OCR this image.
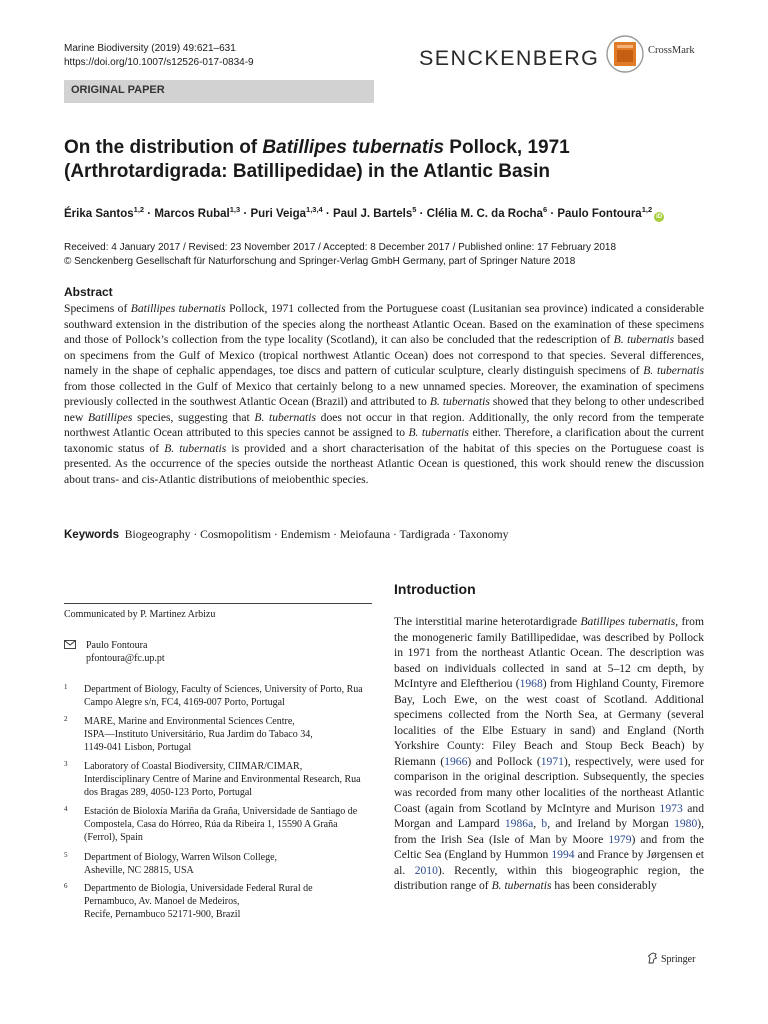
Marine Biodiversity (2019) 49:621–631
https://doi.org/10.1007/s12526-017-0834-9	SENCKENBERG	CrossMark
ORIGINAL PAPER
On the distribution of Batillipes tubernatis Pollock, 1971
(Arthrotardigrada: Batillipedidae) in the Atlantic Basin
Érika Santos$^{1,2}$ · Marcos Rubal$^{1,3}$ · Puri Veiga$^{1,3,4}$ · Paul J. Bartels$^5$ · Clélia M. C. da Rocha$^6$ · Paulo Fontoura$^{1,2}$iD
Received: 4 January 2017 / Revised: 23 November 2017 / Accepted: 8 December 2017 / Published online: 17 February 2018
© Senckenberg Gesellschaft für Naturforschung and Springer-Verlag GmbH Germany, part of Springer Nature 2018
Abstract
Specimens of Batillipes tubernatis Pollock, 1971 collected from the Portuguese coast (Lusitanian sea province) indicated a considerable southward extension in the distribution of the species along the northeast Atlantic Ocean. Based on the examination of these specimens and those of Pollock’s collection from the type locality (Scotland), it can also be concluded that the redescription of B. tubernatis based on specimens from the Gulf of Mexico (tropical northwest Atlantic Ocean) does not correspond to that species. Several differences, namely in the shape of cephalic appendages, toe discs and pattern of cuticular sculpture, clearly distinguish specimens of B. tubernatis from those collected in the Gulf of Mexico that certainly belong to a new unnamed species. Moreover, the examination of specimens previously collected in the southwest Atlantic Ocean (Brazil) and attributed to B. tubernatis showed that they belong to other undescribed new Batillipes species, suggesting that B. tubernatis does not occur in that region. Additionally, the only record from the temperate northwest Atlantic Ocean attributed to this species cannot be assigned to B. tubernatis either. Therefore, a clarification about the current taxonomic status of B. tubernatis is provided and a short characterisation of the habitat of this species on the Portuguese coast is presented. As the occurrence of the species outside the northeast Atlantic Ocean is questioned, this work should renew the discussion about trans- and cis-Atlantic distributions of meiobenthic species.
Keywords Biogeography · Cosmopolitism · Endemism · Meiofauna · Tardigrada · Taxonomy
Communicated by P. Martinez Arbizu
Paulo Fontoura
pfontoura@fc.up.pt
1 Department of Biology, Faculty of Sciences, University of Porto, Rua
Campo Alegre s/n, FC4, 4169-007 Porto, Portugal
2 MARE, Marine and Environmental Sciences Centre,
ISPA—Instituto Universitário, Rua Jardim do Tabaco 34,
1149-041 Lisbon, Portugal
3 Laboratory of Coastal Biodiversity, CIIMAR/CIMAR,
Interdisciplinary Centre of Marine and Environmental Research, Rua
dos Bragas 289, 4050-123 Porto, Portugal
4 Estación de Bioloxía Mariña da Graña, Universidade de Santiago de
Compostela, Casa do Hórreo, Rúa da Ribeira 1, 15590 A Graña
(Ferrol), Spain
5 Department of Biology, Warren Wilson College,
Asheville, NC 28815, USA
6 Departmento de Biologia, Universidade Federal Rural de
Pernambuco, Av. Manoel de Medeiros,
Recife, Pernambuco 52171-900, Brazil
Introduction
The interstitial marine heterotardigrade Batillipes tubernatis, from the monogeneric family Batillipedidae, was described by Pollock in 1971 from the northeast Atlantic Ocean. The description was based on individuals collected in sand at 5–12 cm depth, by McIntyre and Eleftheriou (1968) from Highland County, Firemore Bay, Loch Ewe, on the west coast of Scotland. Additional specimens collected from the North Sea, at Germany (several localities of the Elbe Estuary in sand) and England (North Yorkshire County: Filey Beach and Stoup Beck Beach) by Riemann (1966) and Pollock (1971), respectively, were used for comparison in the original description. Subsequently, the species was recorded from many other localities of the northeast Atlantic Coast (again from Scotland by McIntyre and Murison 1973 and Morgan and Lampard 1986a, b, and Ireland by Morgan 1980), from the Irish Sea (Isle of Man by Moore 1979) and from the Celtic Sea (England by Hummon 1994 and France by Jørgensen et al. 2010). Recently, within this biogeographic region, the distribution range of B. tubernatis has been considerably
Springer
